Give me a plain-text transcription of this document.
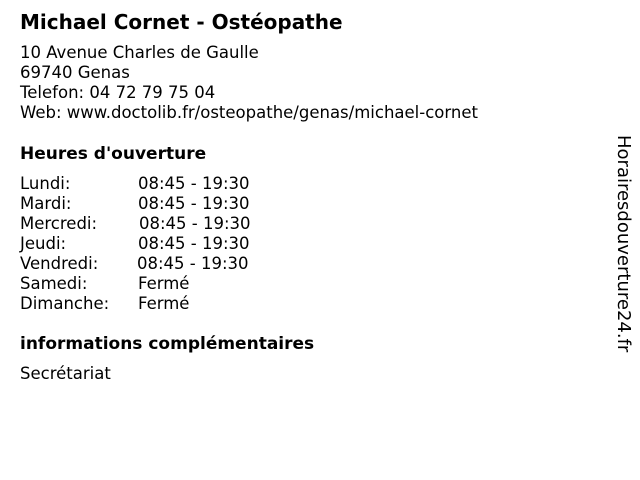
Michael Cornet - Ostéopathe
10 Avenue Charles de Gaulle
69740 Genas
Telefon: 04 72 79 75 04
Web: www.doctolib.fr/osteopathe/genas/michael-cornet
Heures d'ouverture
Lundi:	08:45 - 19:30
Mardi:	08:45 - 19:30
Mercredi:	08:45 - 19:30
Jeudi:	08:45 - 19:30
Vendredi: 08:45 - 19:30
Samedi:	Fermé
Dimanche: Fermé
informations complémentaires
Secrétariat
Horairesdouverture24.fr
